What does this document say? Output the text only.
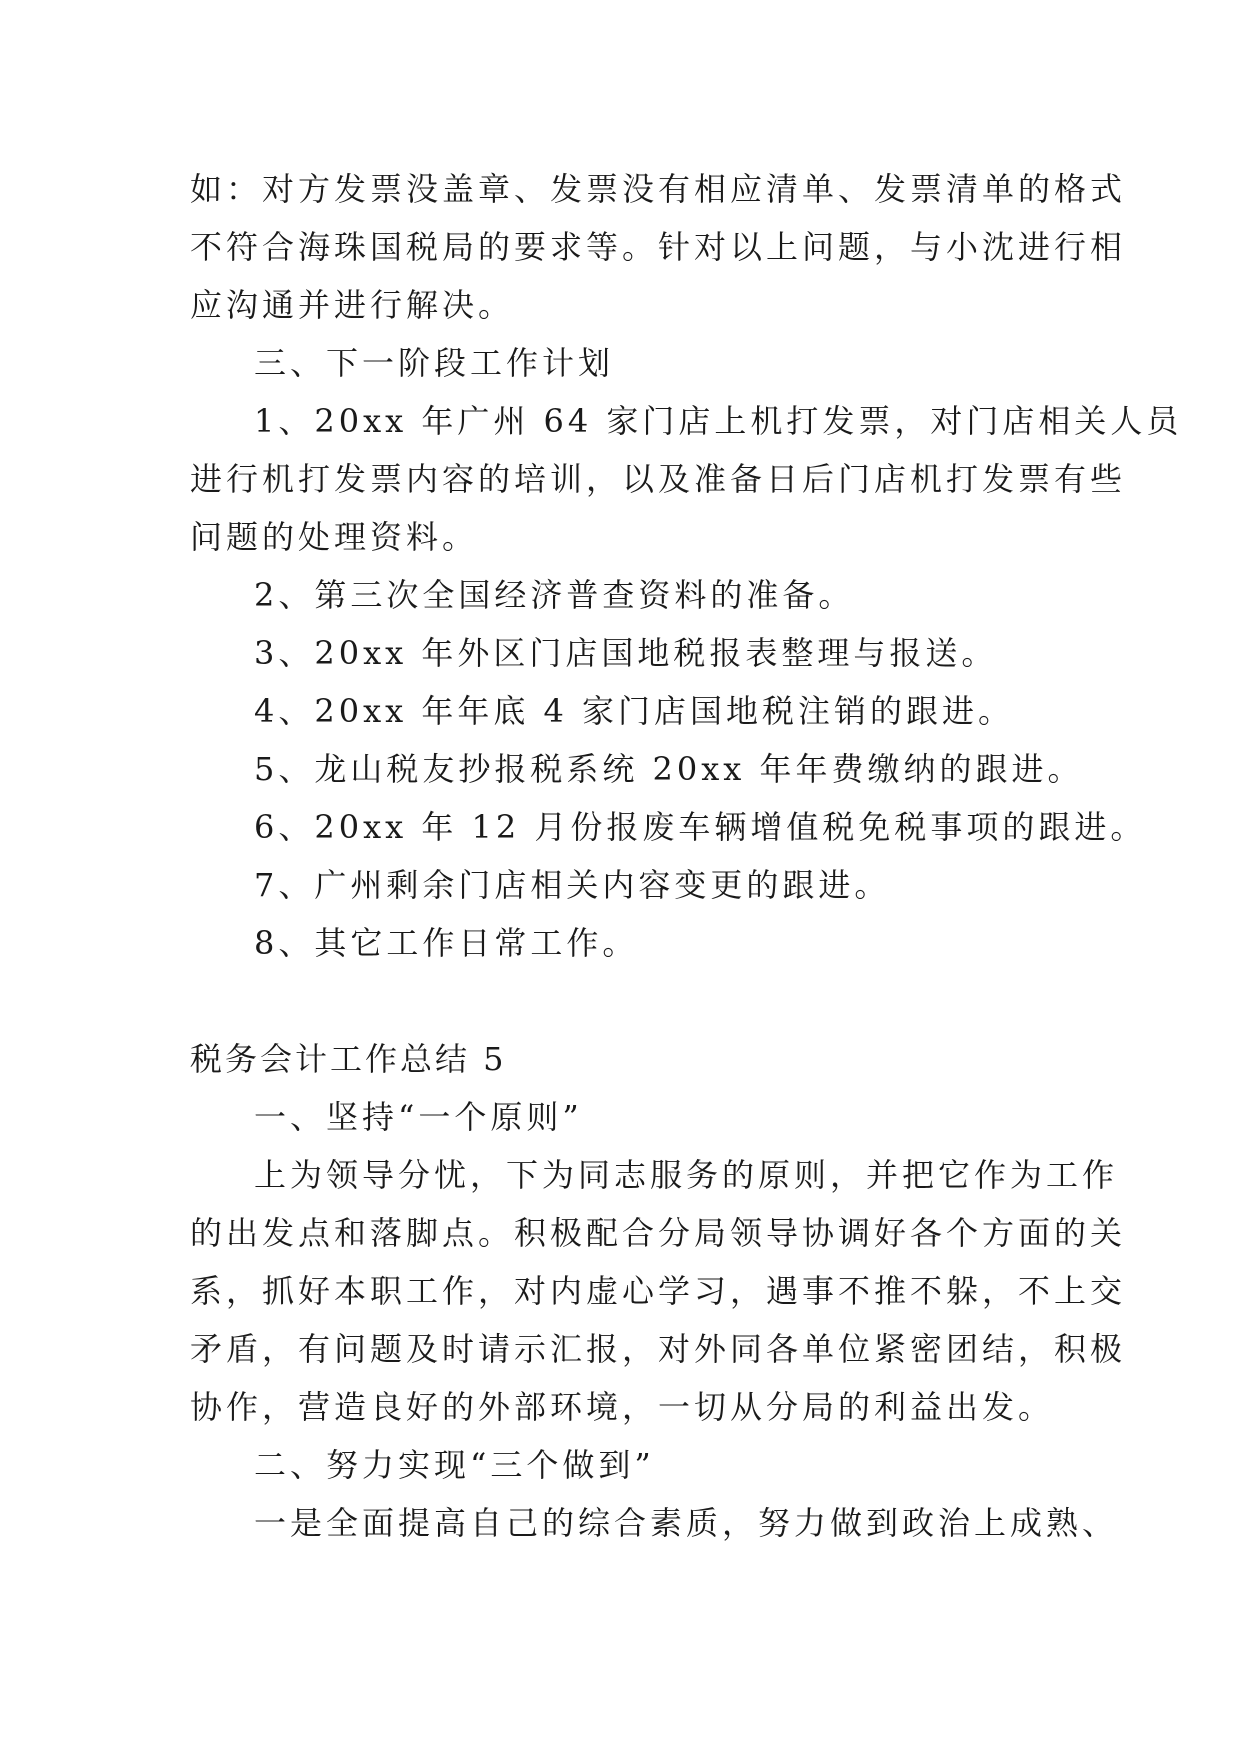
如：对方发票没盖章、发票没有相应清单、发票清单的格式
不符合海珠国税局的要求等。针对以上问题，与小沈进行相
应沟通并进行解决。
三、下一阶段工作计划
1、20xx 年广州 64 家门店上机打发票，对门店相关人员
进行机打发票内容的培训，以及准备日后门店机打发票有些
问题的处理资料。
2、第三次全国经济普查资料的准备。
3、20xx 年外区门店国地税报表整理与报送。
4、20xx 年年底 4 家门店国地税注销的跟进。
5、龙山税友抄报税系统 20xx 年年费缴纳的跟进。
6、20xx 年 12 月份报废车辆增值税免税事项的跟进。
7、广州剩余门店相关内容变更的跟进。
8、其它工作日常工作。
税务会计工作总结 5
一、坚持“一个原则”
上为领导分忧，下为同志服务的原则，并把它作为工作
的出发点和落脚点。积极配合分局领导协调好各个方面的关
系，抓好本职工作，对内虚心学习，遇事不推不躲，不上交
矛盾，有问题及时请示汇报，对外同各单位紧密团结，积极
协作，营造良好的外部环境，一切从分局的利益出发。
二、努力实现“三个做到”
一是全面提高自己的综合素质，努力做到政治上成熟、
